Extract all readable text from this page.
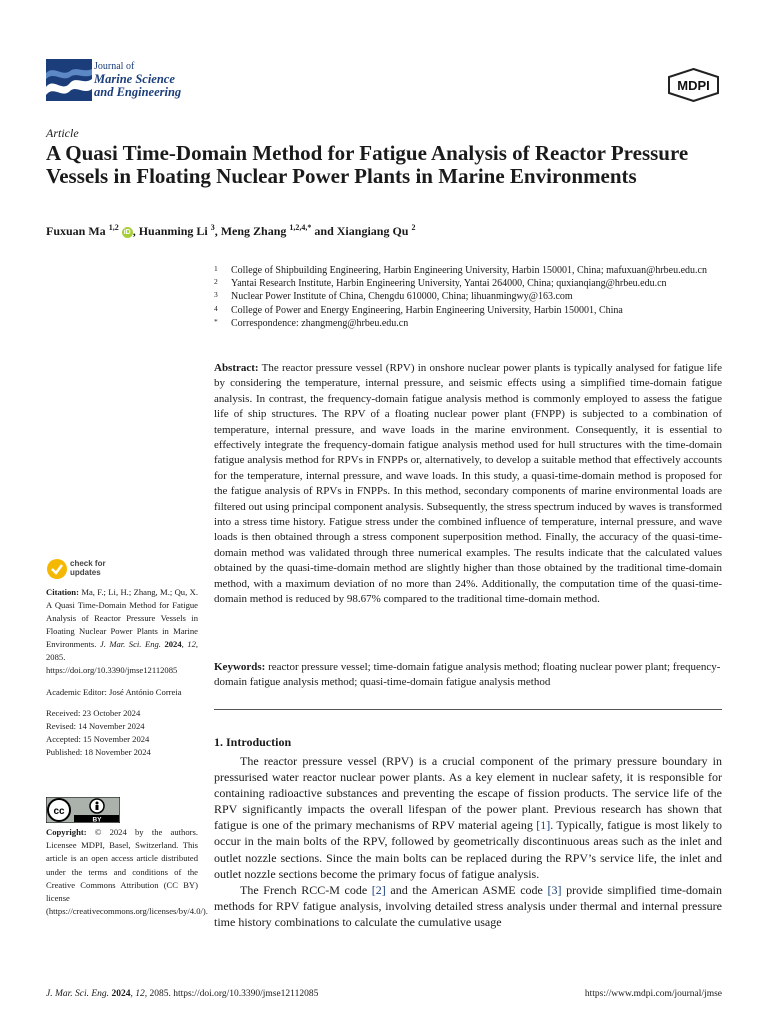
Journal of
Marine Science
and Engineering	MDPI
Article
A Quasi Time-Domain Method for Fatigue Analysis of Reactor Pressure Vessels in Floating Nuclear Power Plants in Marine Environments
Fuxuan Ma $^{1,2}$ iD , Huanming Li $^3$, Meng Zhang $^{1,2,4,*}$ and Xiangiang Qu $^2$
1 College of Shipbuilding Engineering, Harbin Engineering University, Harbin 150001, China; mafuxuan@hrbeu.edu.cn
2 Yantai Research Institute, Harbin Engineering University, Yantai 264000, China; quxianqiang@hrbeu.edu.cn
3 Nuclear Power Institute of China, Chengdu 610000, China; lihuanmingwy@163.com
4 College of Power and Energy Engineering, Harbin Engineering University, Harbin 150001, China
* Correspondence: zhangmeng@hrbeu.edu.cn
Abstract: The reactor pressure vessel (RPV) in onshore nuclear power plants is typically analysed for fatigue life by considering the temperature, internal pressure, and seismic effects using a simplified time-domain fatigue analysis. In contrast, the frequency-domain fatigue analysis method is commonly employed to assess the fatigue life of ship structures. The RPV of a floating nuclear power plant (FNPP) is subjected to a combination of temperature, internal pressure, and wave loads in the marine environment. Consequently, it is essential to effectively integrate the frequency-domain fatigue analysis method used for hull structures with the time-domain fatigue analysis method for RPVs in FNPPs or, alternatively, to develop a suitable method that effectively accounts for the temperature, internal pressure, and wave loads. In this study, a quasi-time-domain method is proposed for the fatigue analysis of RPVs in FNPPs. In this method, secondary components of marine environmental loads are filtered out using principal component analysis. Subsequently, the stress spectrum induced by waves is transformed into a stress time history. Fatigue stress under the combined influence of temperature, internal pressure, and wave loads is then obtained through a stress component superposition method. Finally, the accuracy of the quasi-time-domain method was validated through three numerical examples. The results indicate that the calculated values obtained by the quasi-time-domain method are slightly higher than those obtained by the traditional time-domain method, with a maximum deviation of no more than 24%. Additionally, the computation time of the quasi-time-domain method is reduced by 98.67% compared to the traditional time-domain method.
Keywords: reactor pressure vessel; time-domain fatigue analysis method; floating nuclear power plant; frequency-domain fatigue analysis method; quasi-time-domain fatigue analysis method
check for
updates

Citation: Ma, F.; Li, H.; Zhang, M.; Qu, X. A Quasi Time-Domain Method for Fatigue Analysis of Reactor Pressure Vessels in Floating Nuclear Power Plants in Marine Environments. J. Mar. Sci. Eng. 2024, 12, 2085. https://doi.org/10.3390/jmse12112085

Academic Editor: José António Correia

Received: 23 October 2024

Revised: 14 November 2024

Accepted: 15 November 2024

Published: 18 November 2024

cc
BY
Copyright: © 2024 by the authors. Licensee MDPI, Basel, Switzerland. This article is an open access article distributed under the terms and conditions of the Creative Commons Attribution (CC BY) license (https://creativecommons.org/licenses/by/4.0/).
1. Introduction

The reactor pressure vessel (RPV) is a crucial component of the primary pressure boundary in pressurised water reactor nuclear power plants. As a key element in nuclear safety, it is responsible for containing radioactive substances and preventing the escape of fission products. The service life of the RPV significantly impacts the overall lifespan of the power plant. Previous research has shown that fatigue is one of the primary mechanisms of RPV material ageing [1]. Typically, fatigue is most likely to occur in the main bolts of the RPV, followed by geometrically discontinuous areas such as the inlet and outlet nozzle sections. Since the main bolts can be replaced during the RPV’s service life, the inlet and outlet nozzle sections become the primary focus of fatigue analysis.

The French RCC-M code [2] and the American ASME code [3] provide simplified time-domain methods for RPV fatigue analysis, involving detailed stress analysis under thermal and internal pressure time history combinations to calculate the cumulative usage

J. Mar. Sci. Eng. 2024, 12, 2085. https://doi.org/10.3390/jmse12112085	https://www.mdpi.com/journal/jmse
